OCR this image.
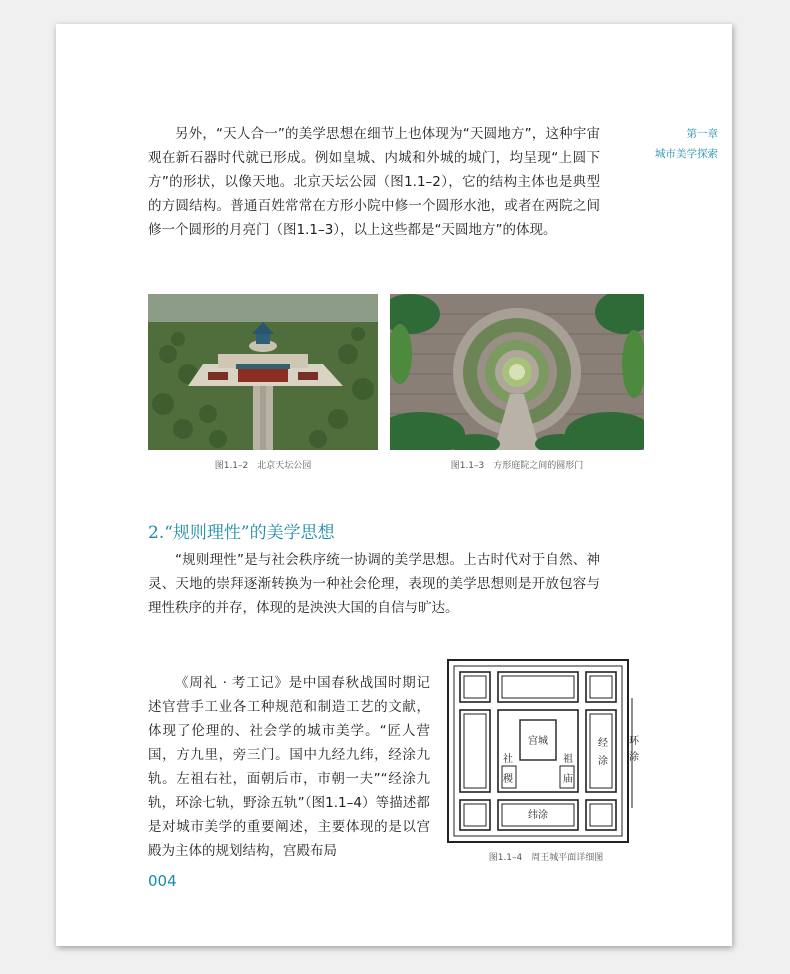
第一章
城市美学探索

另外，“天人合一”的美学思想在细节上也体现为“天圆地方”，这种宇宙观在新石器时代就已形成。例如皇城、内城和外城的城门，均呈现“上圆下方”的形状，以像天地。北京天坛公园（图1.1–2），它的结构主体也是典型的方圆结构。普通百姓常常在方形小院中修一个圆形水池，或者在两院之间修一个圆形的月亮门（图1.1–3），以上这些都是“天圆地方”的体现。

图1.1–2　北京天坛公园	图1.1–3　方形庭院之间的圆形门
2.“规则理性”的美学思想

“规则理性”是与社会秩序统一协调的美学思想。上古时代对于自然、神灵、天地的崇拜逐渐转换为一种社会伦理，表现的美学思想则是开放包容与理性秩序的并存，体现的是泱泱大国的自信与旷达。

《周礼 · 考工记》是中国春秋战国时期记述官营手工业各工种规范和制造工艺的文献，体现了伦理的、社会学的城市美学。“匠人营国，方九里，旁三门。国中九经九纬，经涂九轨。左祖右社，面朝后市，市朝一夫”“经涂九轨，环涂七轨，野涂五轨”（图1.1–4）等描述都是对城市美学的重要阐述，主要体现的是以宫殿为主体的规划结构，宫殿布局

宫城
社
稷
祖
庙
经
涂
环
涂
纬涂
图1.1–4　周王城平面详细图
004
